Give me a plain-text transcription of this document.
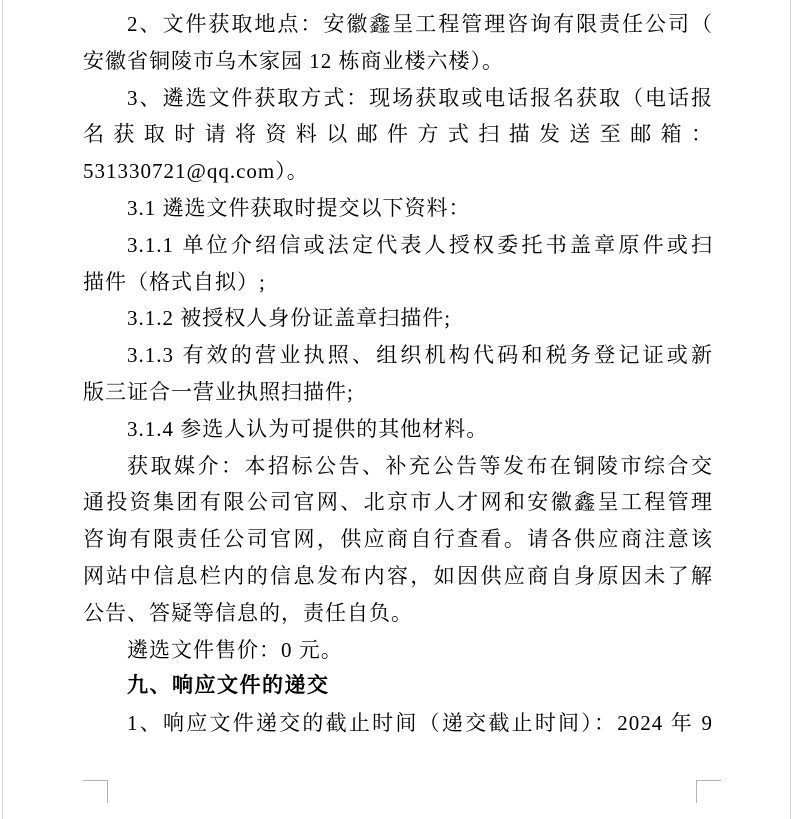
2、文件获取地点：安徽鑫呈工程管理咨询有限责任公司（
安徽省铜陵市乌木家园 12 栋商业楼六楼）。
3、遴选文件获取方式：现场获取或电话报名获取（电话报
名获取时请将资料以邮件方式扫描发送至邮箱：
531330721@qq.com）。
3.1 遴选文件获取时提交以下资料：
3.1.1 单位介绍信或法定代表人授权委托书盖章原件或扫
描件（格式自拟）;
3.1.2 被授权人身份证盖章扫描件;
3.1.3 有效的营业执照、组织机构代码和税务登记证或新
版三证合一营业执照扫描件;
3.1.4 参选人认为可提供的其他材料。
获取媒介：本招标公告、补充公告等发布在铜陵市综合交
通投资集团有限公司官网、北京市人才网和安徽鑫呈工程管理
咨询有限责任公司官网，供应商自行查看。请各供应商注意该
网站中信息栏内的信息发布内容，如因供应商自身原因未了解
公告、答疑等信息的，责任自负。
遴选文件售价：0 元。
九、响应文件的递交
1、响应文件递交的截止时间（递交截止时间）：2024 年 9
